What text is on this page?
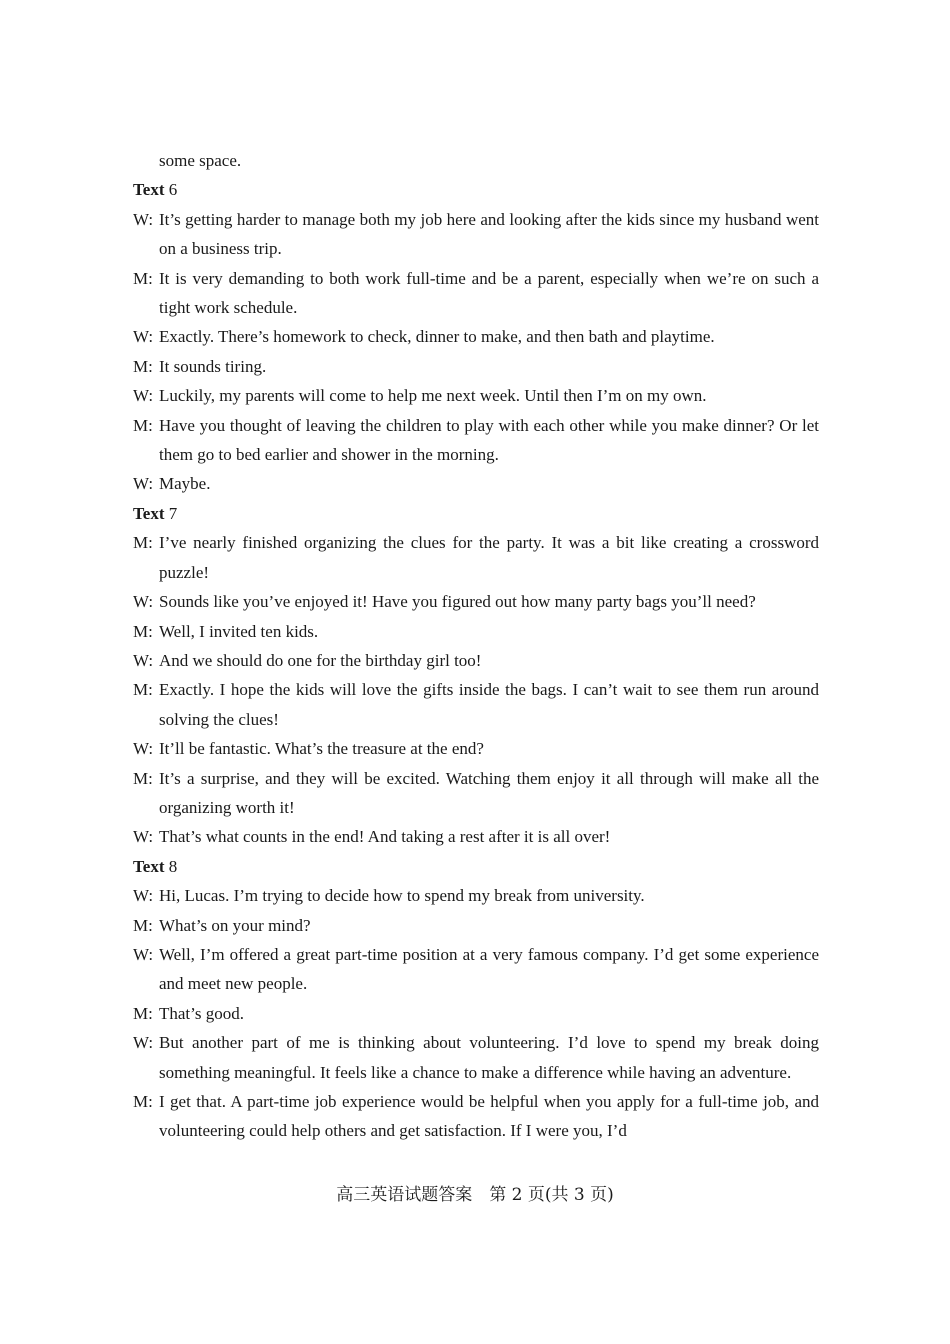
some space.
Text 6
W: It’s getting harder to manage both my job here and looking after the kids since my husband went on a business trip.
M: It is very demanding to both work full-time and be a parent, especially when we’re on such a tight work schedule.
W: Exactly. There’s homework to check, dinner to make, and then bath and playtime.
M: It sounds tiring.
W: Luckily, my parents will come to help me next week. Until then I’m on my own.
M: Have you thought of leaving the children to play with each other while you make dinner? Or let them go to bed earlier and shower in the morning.
W: Maybe.
Text 7
M: I’ve nearly finished organizing the clues for the party. It was a bit like creating a crossword puzzle!
W: Sounds like you’ve enjoyed it! Have you figured out how many party bags you’ll need?
M: Well, I invited ten kids.
W: And we should do one for the birthday girl too!
M: Exactly. I hope the kids will love the gifts inside the bags. I can’t wait to see them run around solving the clues!
W: It’ll be fantastic. What’s the treasure at the end?
M: It’s a surprise, and they will be excited. Watching them enjoy it all through will make all the organizing worth it!
W: That’s what counts in the end! And taking a rest after it is all over!
Text 8
W: Hi, Lucas. I’m trying to decide how to spend my break from university.
M: What’s on your mind?
W: Well, I’m offered a great part-time position at a very famous company. I’d get some experience and meet new people.
M: That’s good.
W: But another part of me is thinking about volunteering. I’d love to spend my break doing something meaningful. It feels like a chance to make a difference while having an adventure.
M: I get that. A part-time job experience would be helpful when you apply for a full-time job, and volunteering could help others and get satisfaction. If I were you, I’d
高三英语试题答案　第 2 页(共 3 页)
